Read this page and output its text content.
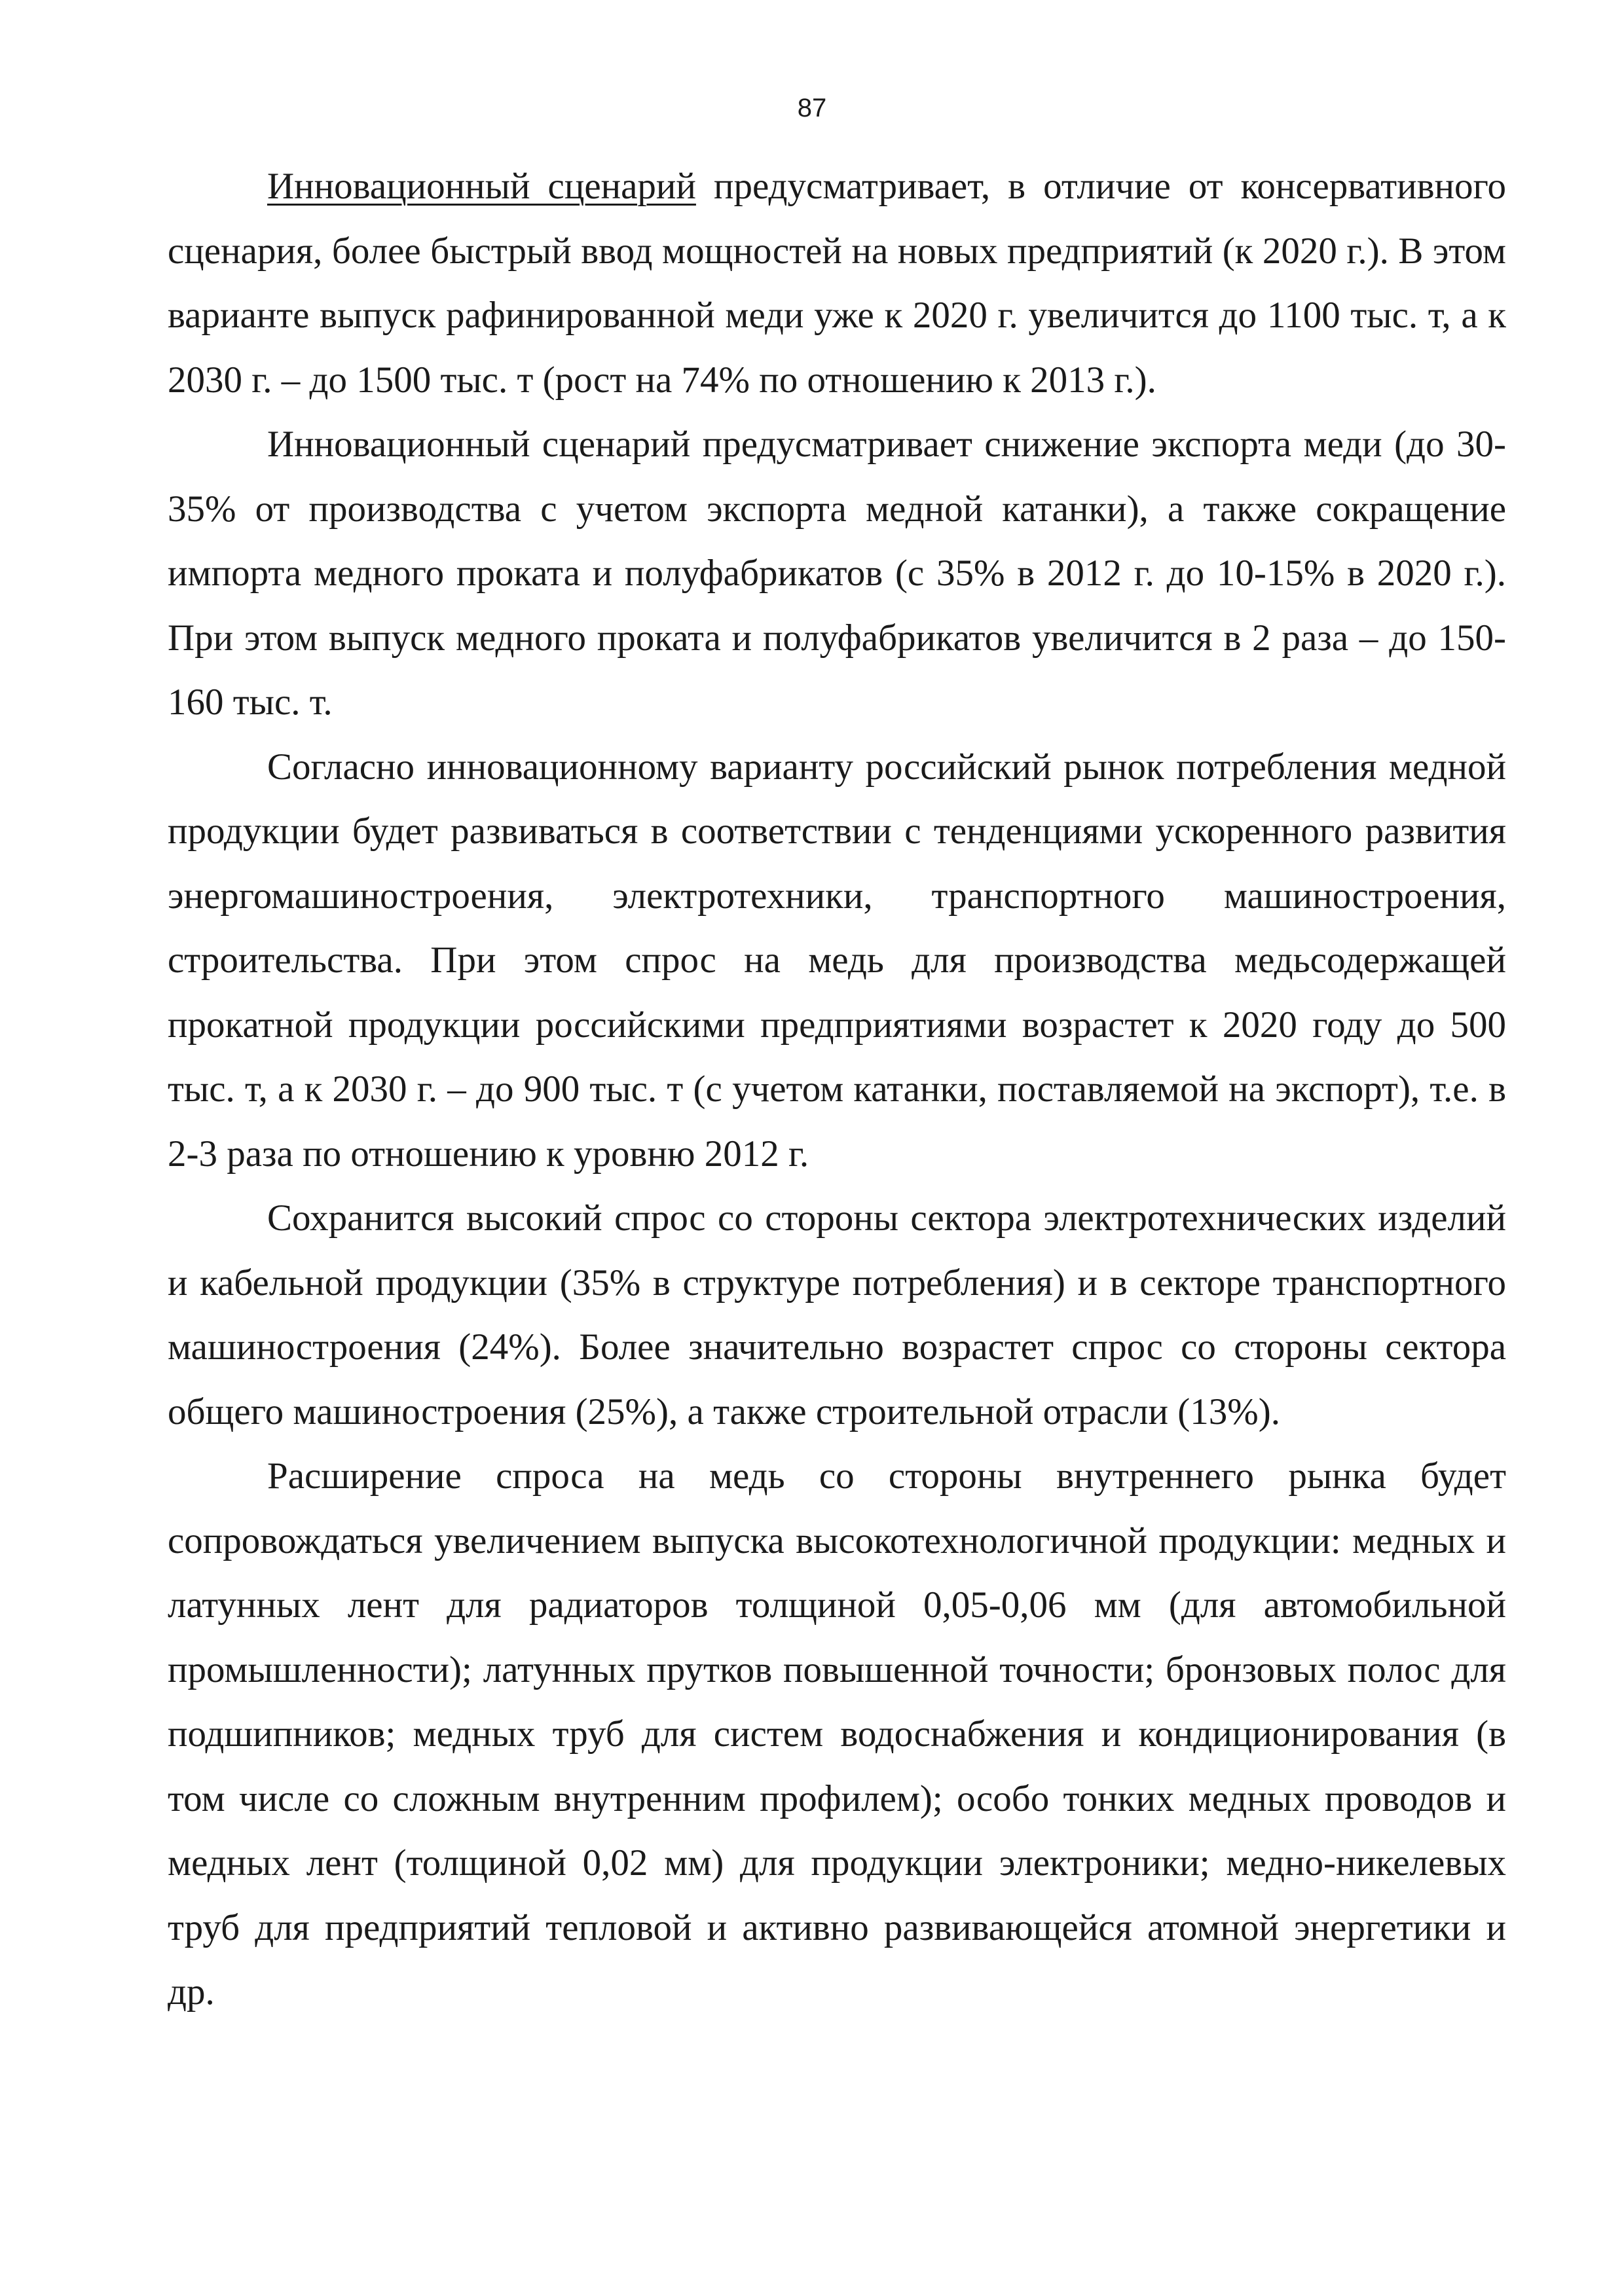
87

Инновационный сценарий предусматривает, в отличие от консервативного сценария, более быстрый ввод мощностей на новых предприятий (к 2020 г.). В этом варианте выпуск рафинированной меди уже к 2020 г. увеличится до 1100 тыс. т, а к 2030 г. – до 1500 тыс. т (рост на 74% по отношению к 2013 г.).

Инновационный сценарий предусматривает снижение экспорта меди (до 30-35% от производства с учетом экспорта медной катанки), а также сокращение импорта медного проката и полуфабрикатов (с 35% в 2012 г. до 10-15% в 2020 г.). При этом выпуск медного проката и полуфабрикатов увеличится в 2 раза – до 150-160 тыс. т.

Согласно инновационному варианту российский рынок потребления медной продукции будет развиваться в соответствии с тенденциями ускоренного развития энергомашиностроения, электротехники, транспортного машиностроения, строительства. При этом спрос на медь для производства медьсодержащей прокатной продукции российскими предприятиями возрастет к 2020 году до 500 тыс. т, а к 2030 г. – до 900 тыс. т (с учетом катанки, поставляемой на экспорт), т.е. в 2-3 раза по отношению к уровню 2012 г.

Сохранится высокий спрос со стороны сектора электротехнических изделий и кабельной продукции (35% в структуре потребления) и в секторе транспортного машиностроения (24%). Более значительно возрастет спрос со стороны сектора общего машиностроения (25%), а также строительной отрасли (13%).

Расширение спроса на медь со стороны внутреннего рынка будет сопровождаться увеличением выпуска высокотехнологичной продукции: медных и латунных лент для радиаторов толщиной 0,05-0,06 мм (для автомобильной промышленности); латунных прутков повышенной точности; бронзовых полос для подшипников; медных труб для систем водоснабжения и кондиционирования (в том числе со сложным внутренним профилем); особо тонких медных проводов и медных лент (толщиной 0,02 мм) для продукции электроники; медно-никелевых труб для предприятий тепловой и активно развивающейся атомной энергетики и др.
